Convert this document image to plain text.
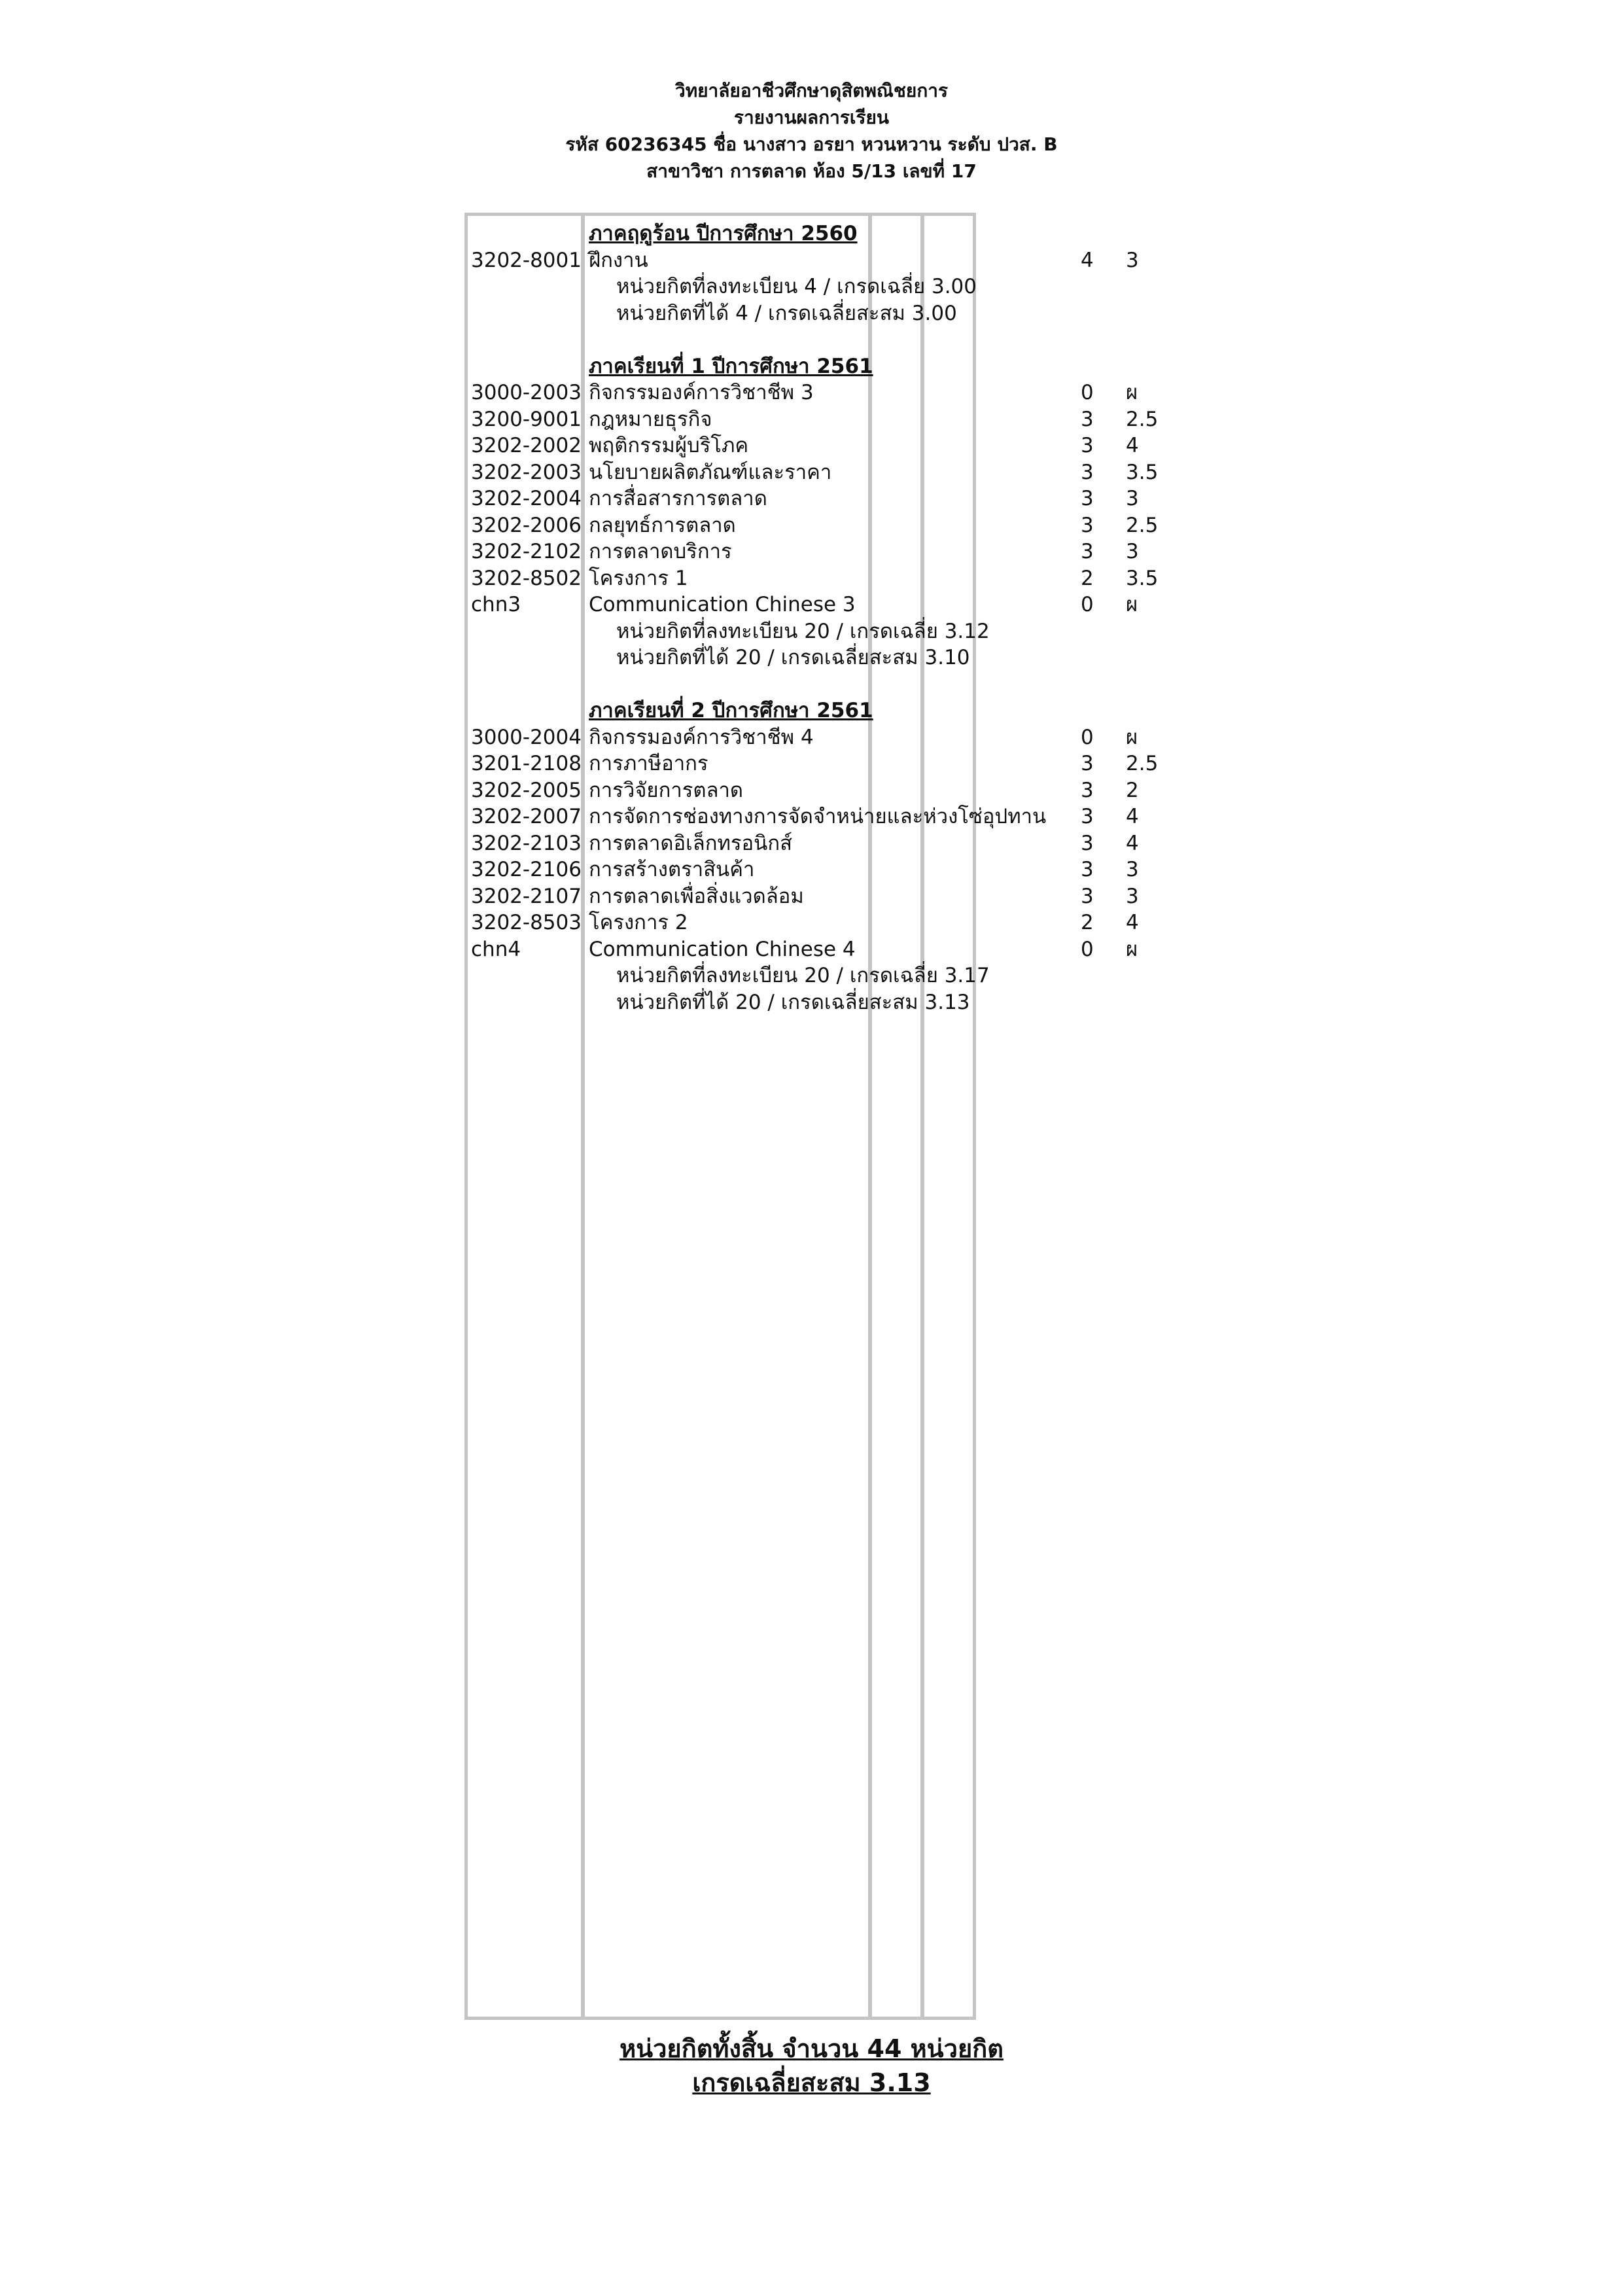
วิทยาลัยอาชีวศึกษาดุสิตพณิชยการ
รายงานผลการเรียน
รหัส 60236345 ชื่อ นางสาว อรยา หวนหวาน ระดับ ปวส. B
สาขาวิชา การตลาด ห้อง 5/13 เลขที่ 17
ภาคฤดูร้อน ปีการศึกษา 2560
3202-8001 ฝึกงาน	4 3
หน่วยกิตที่ลงทะเบียน 4 / เกรดเฉลี่ย 3.00
หน่วยกิตที่ได้ 4 / เกรดเฉลี่ยสะสม 3.00
ภาคเรียนที่ 1 ปีการศึกษา 2561
3000-2003 กิจกรรมองค์การวิชาชีพ 3	0 ผ
3200-9001 กฎหมายธุรกิจ	3 2.5
3202-2002 พฤติกรรมผู้บริโภค	3 4
3202-2003 นโยบายผลิตภัณฑ์และราคา	3 3.5
3202-2004 การสื่อสารการตลาด	3 3
3202-2006 กลยุทธ์การตลาด	3 2.5
3202-2102 การตลาดบริการ	3 3
3202-8502 โครงการ 1	2 3.5
chn3	Communication Chinese 3	0 ผ
หน่วยกิตที่ลงทะเบียน 20 / เกรดเฉลี่ย 3.12
หน่วยกิตที่ได้ 20 / เกรดเฉลี่ยสะสม 3.10
ภาคเรียนที่ 2 ปีการศึกษา 2561
3000-2004 กิจกรรมองค์การวิชาชีพ 4	0 ผ
3201-2108 การภาษีอากร	3 2.5
3202-2005 การวิจัยการตลาด	3 2
3202-2007 การจัดการช่องทางการจัดจำหน่ายและห่วงโซ่อุปทาน 3 4
3202-2103 การตลาดอิเล็กทรอนิกส์	3 4
3202-2106 การสร้างตราสินค้า	3 3
3202-2107 การตลาดเพื่อสิ่งแวดล้อม	3 3
3202-8503 โครงการ 2	2 4
chn4	Communication Chinese 4	0 ผ
หน่วยกิตที่ลงทะเบียน 20 / เกรดเฉลี่ย 3.17
หน่วยกิตที่ได้ 20 / เกรดเฉลี่ยสะสม 3.13
หน่วยกิตทั้งสิ้น จำนวน 44 หน่วยกิต
เกรดเฉลี่ยสะสม 3.13
